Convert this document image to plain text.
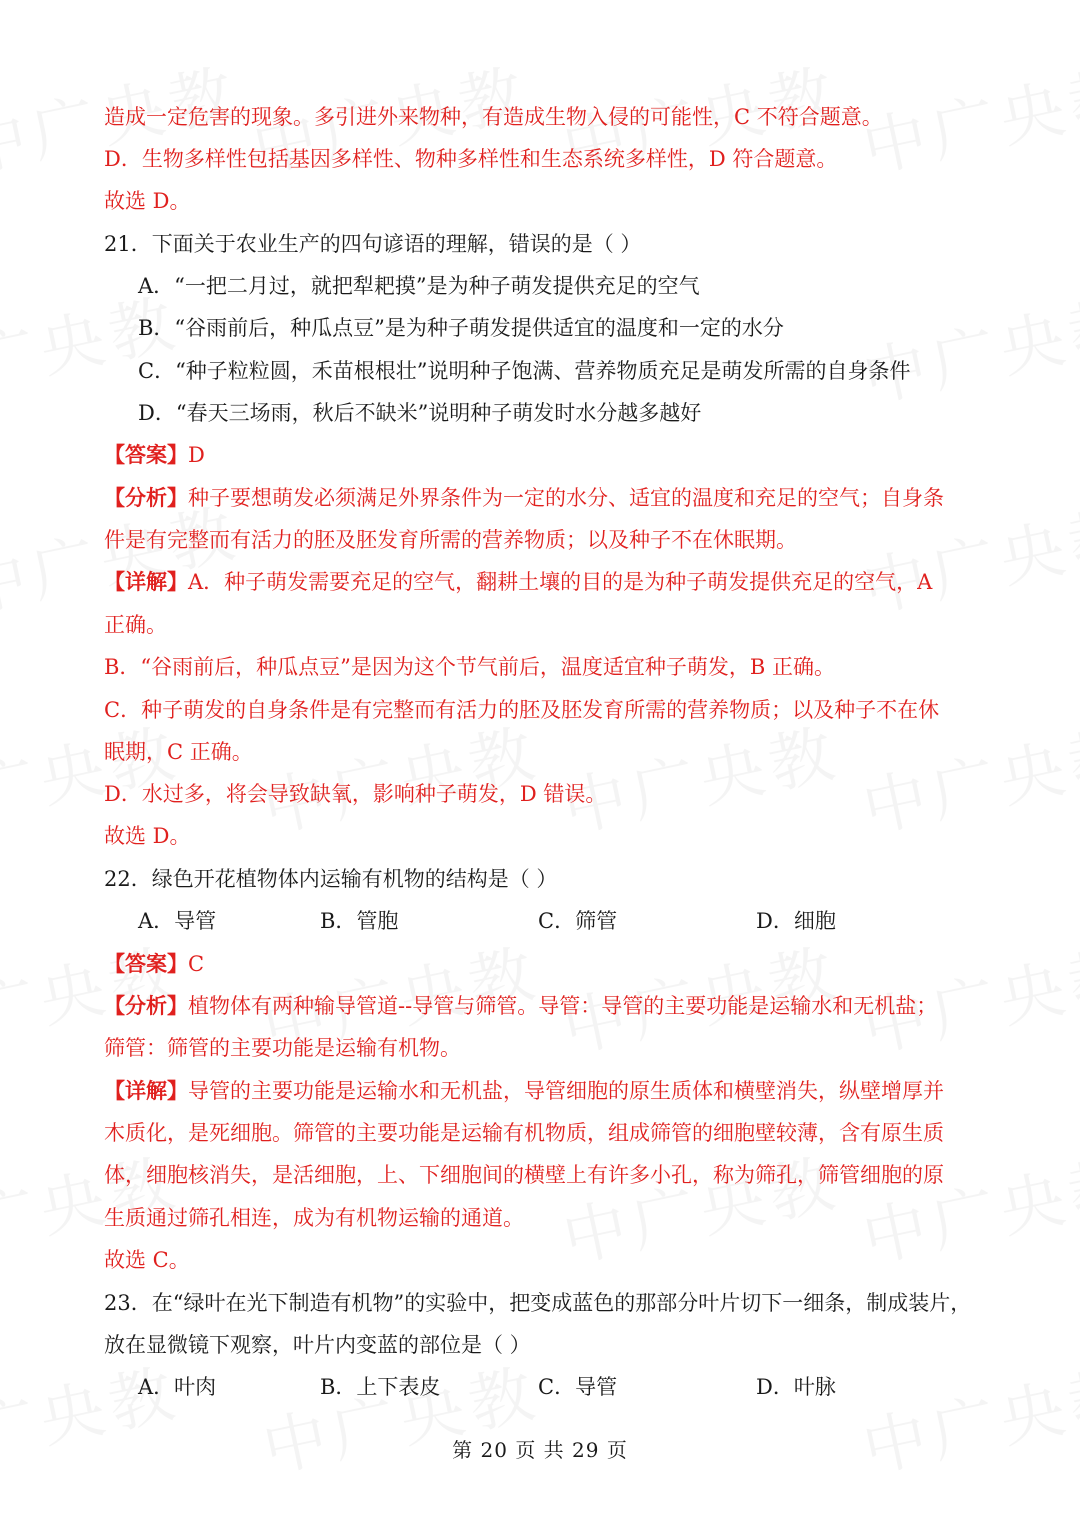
造成一定危害的现象。多引进外来物种，有造成生物入侵的可能性，C 不符合题意。
D．生物多样性包括基因多样性、物种多样性和生态系统多样性，D 符合题意。
故选 D。
21．下面关于农业生产的四句谚语的理解，错误的是（ ）
A．“一把二月过，就把犁耙摸”是为种子萌发提供充足的空气
B．“谷雨前后，种瓜点豆”是为种子萌发提供适宜的温度和一定的水分
C．“种子粒粒圆，禾苗根根壮”说明种子饱满、营养物质充足是萌发所需的自身条件
D．“春天三场雨，秋后不缺米”说明种子萌发时水分越多越好
【答案】D
【分析】种子要想萌发必须满足外界条件为一定的水分、适宜的温度和充足的空气；自身条
件是有完整而有活力的胚及胚发育所需的营养物质；以及种子不在休眠期。
【详解】A．种子萌发需要充足的空气，翻耕土壤的目的是为种子萌发提供充足的空气，A
正确。
B．“谷雨前后，种瓜点豆”是因为这个节气前后，温度适宜种子萌发，B 正确。
C．种子萌发的自身条件是有完整而有活力的胚及胚发育所需的营养物质；以及种子不在休
眠期，C 正确。
D．水过多，将会导致缺氧，影响种子萌发，D 错误。
故选 D。
22．绿色开花植物体内运输有机物的结构是（ ）
A．导管	B．管胞	C．筛管	D．细胞
【答案】C
【分析】植物体有两种输导管道--导管与筛管。导管：导管的主要功能是运输水和无机盐；
筛管：筛管的主要功能是运输有机物。
【详解】导管的主要功能是运输水和无机盐，导管细胞的原生质体和横壁消失，纵壁增厚并
木质化，是死细胞。筛管的主要功能是运输有机物质，组成筛管的细胞壁较薄，含有原生质
体，细胞核消失，是活细胞，上、下细胞间的横壁上有许多小孔，称为筛孔，筛管细胞的原
生质通过筛孔相连，成为有机物运输的通道。
故选 C。
23．在“绿叶在光下制造有机物”的实验中，把变成蓝色的那部分叶片切下一细条，制成装片，
放在显微镜下观察，叶片内变蓝的部位是（ ）
A．叶肉	B．上下表皮	C．导管	D．叶脉
第 20 页 共 29 页
